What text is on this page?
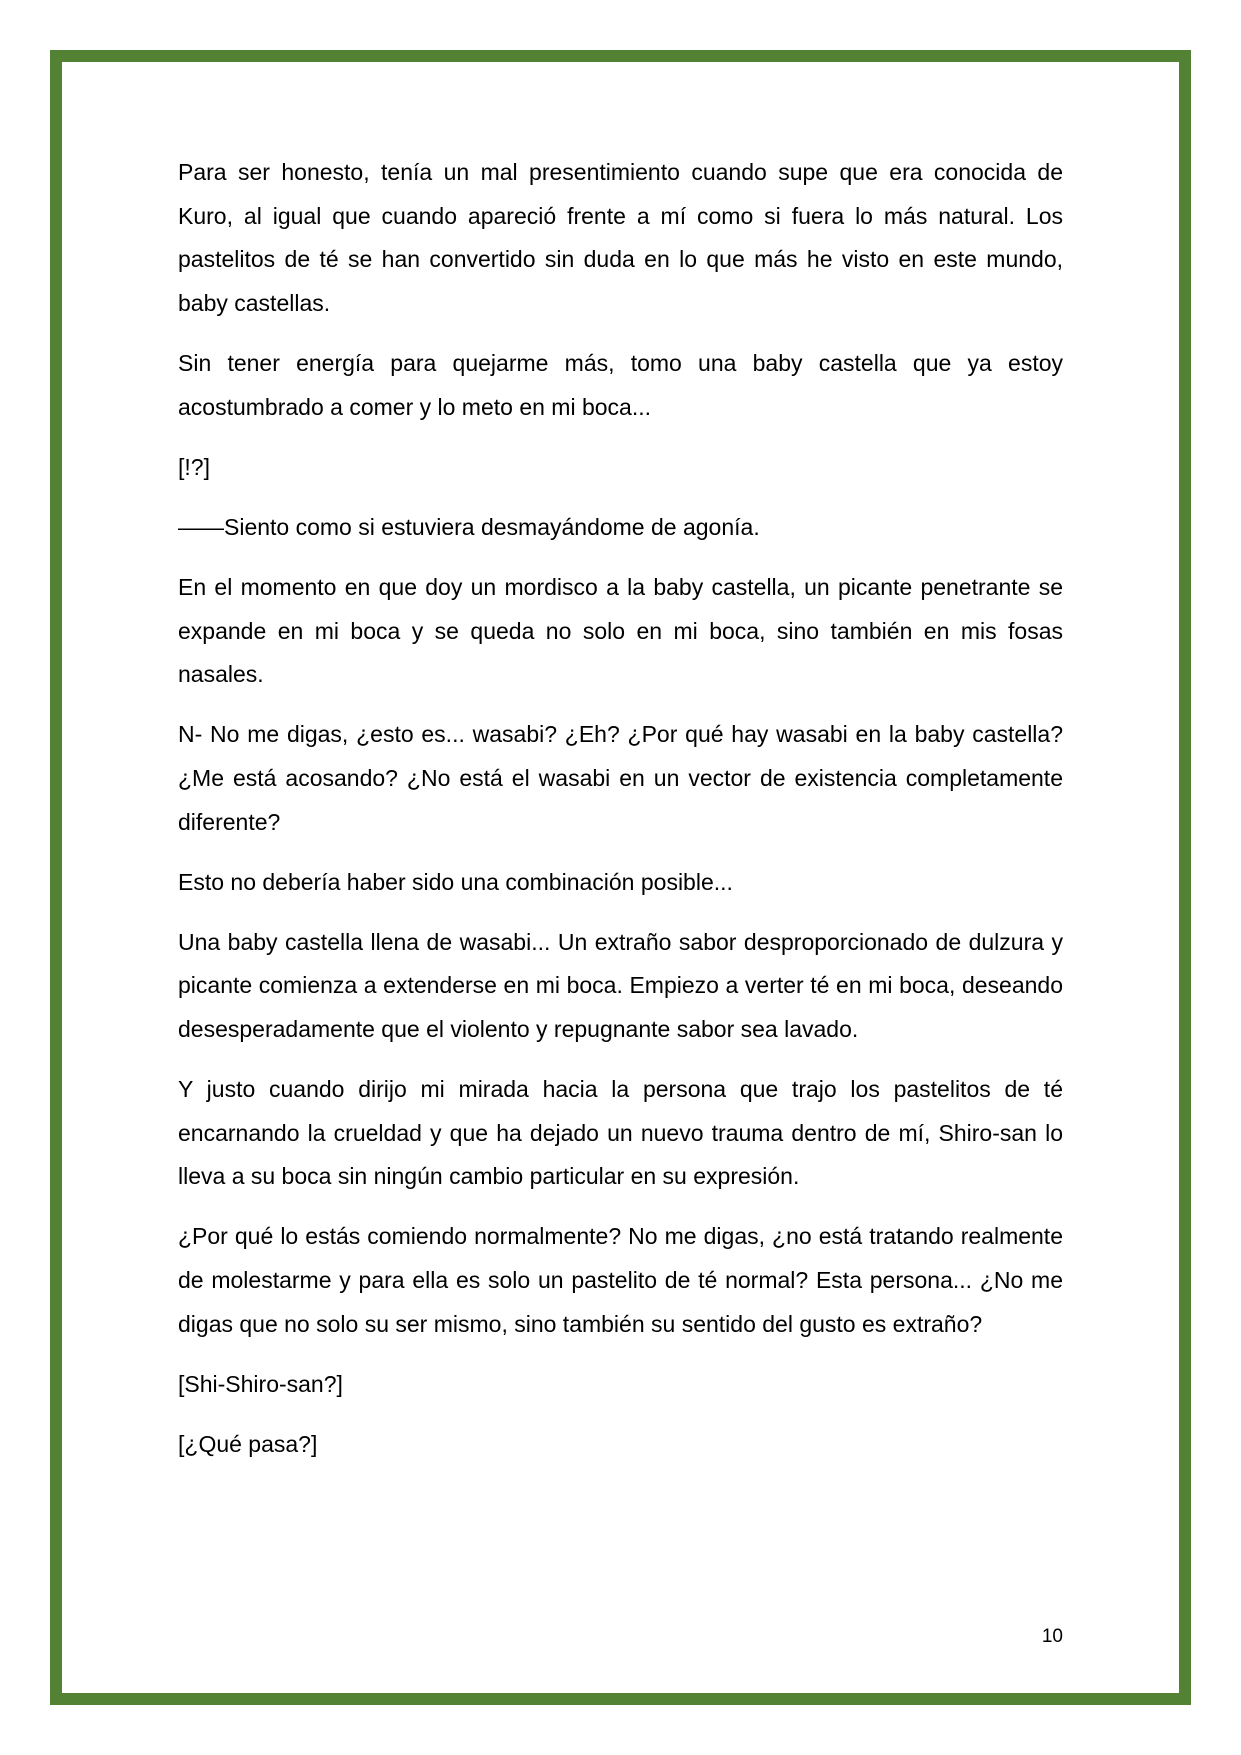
Para ser honesto, tenía un mal presentimiento cuando supe que era conocida de Kuro, al igual que cuando apareció frente a mí como si fuera lo más natural. Los pastelitos de té se han convertido sin duda en lo que más he visto en este mundo, baby castellas.

Sin tener energía para quejarme más, tomo una baby castella que ya estoy acostumbrado a comer y lo meto en mi boca...

[!?]

——Siento como si estuviera desmayándome de agonía.

En el momento en que doy un mordisco a la baby castella, un picante penetrante se expande en mi boca y se queda no solo en mi boca, sino también en mis fosas nasales.

N- No me digas, ¿esto es... wasabi? ¿Eh? ¿Por qué hay wasabi en la baby castella? ¿Me está acosando? ¿No está el wasabi en un vector de existencia completamente diferente?

Esto no debería haber sido una combinación posible...

Una baby castella llena de wasabi... Un extraño sabor desproporcionado de dulzura y picante comienza a extenderse en mi boca. Empiezo a verter té en mi boca, deseando desesperadamente que el violento y repugnante sabor sea lavado.

Y justo cuando dirijo mi mirada hacia la persona que trajo los pastelitos de té encarnando la crueldad y que ha dejado un nuevo trauma dentro de mí, Shiro-san lo lleva a su boca sin ningún cambio particular en su expresión.

¿Por qué lo estás comiendo normalmente? No me digas, ¿no está tratando realmente de molestarme y para ella es solo un pastelito de té normal? Esta persona... ¿No me digas que no solo su ser mismo, sino también su sentido del gusto es extraño?

[Shi-Shiro-san?]

[¿Qué pasa?]

10
